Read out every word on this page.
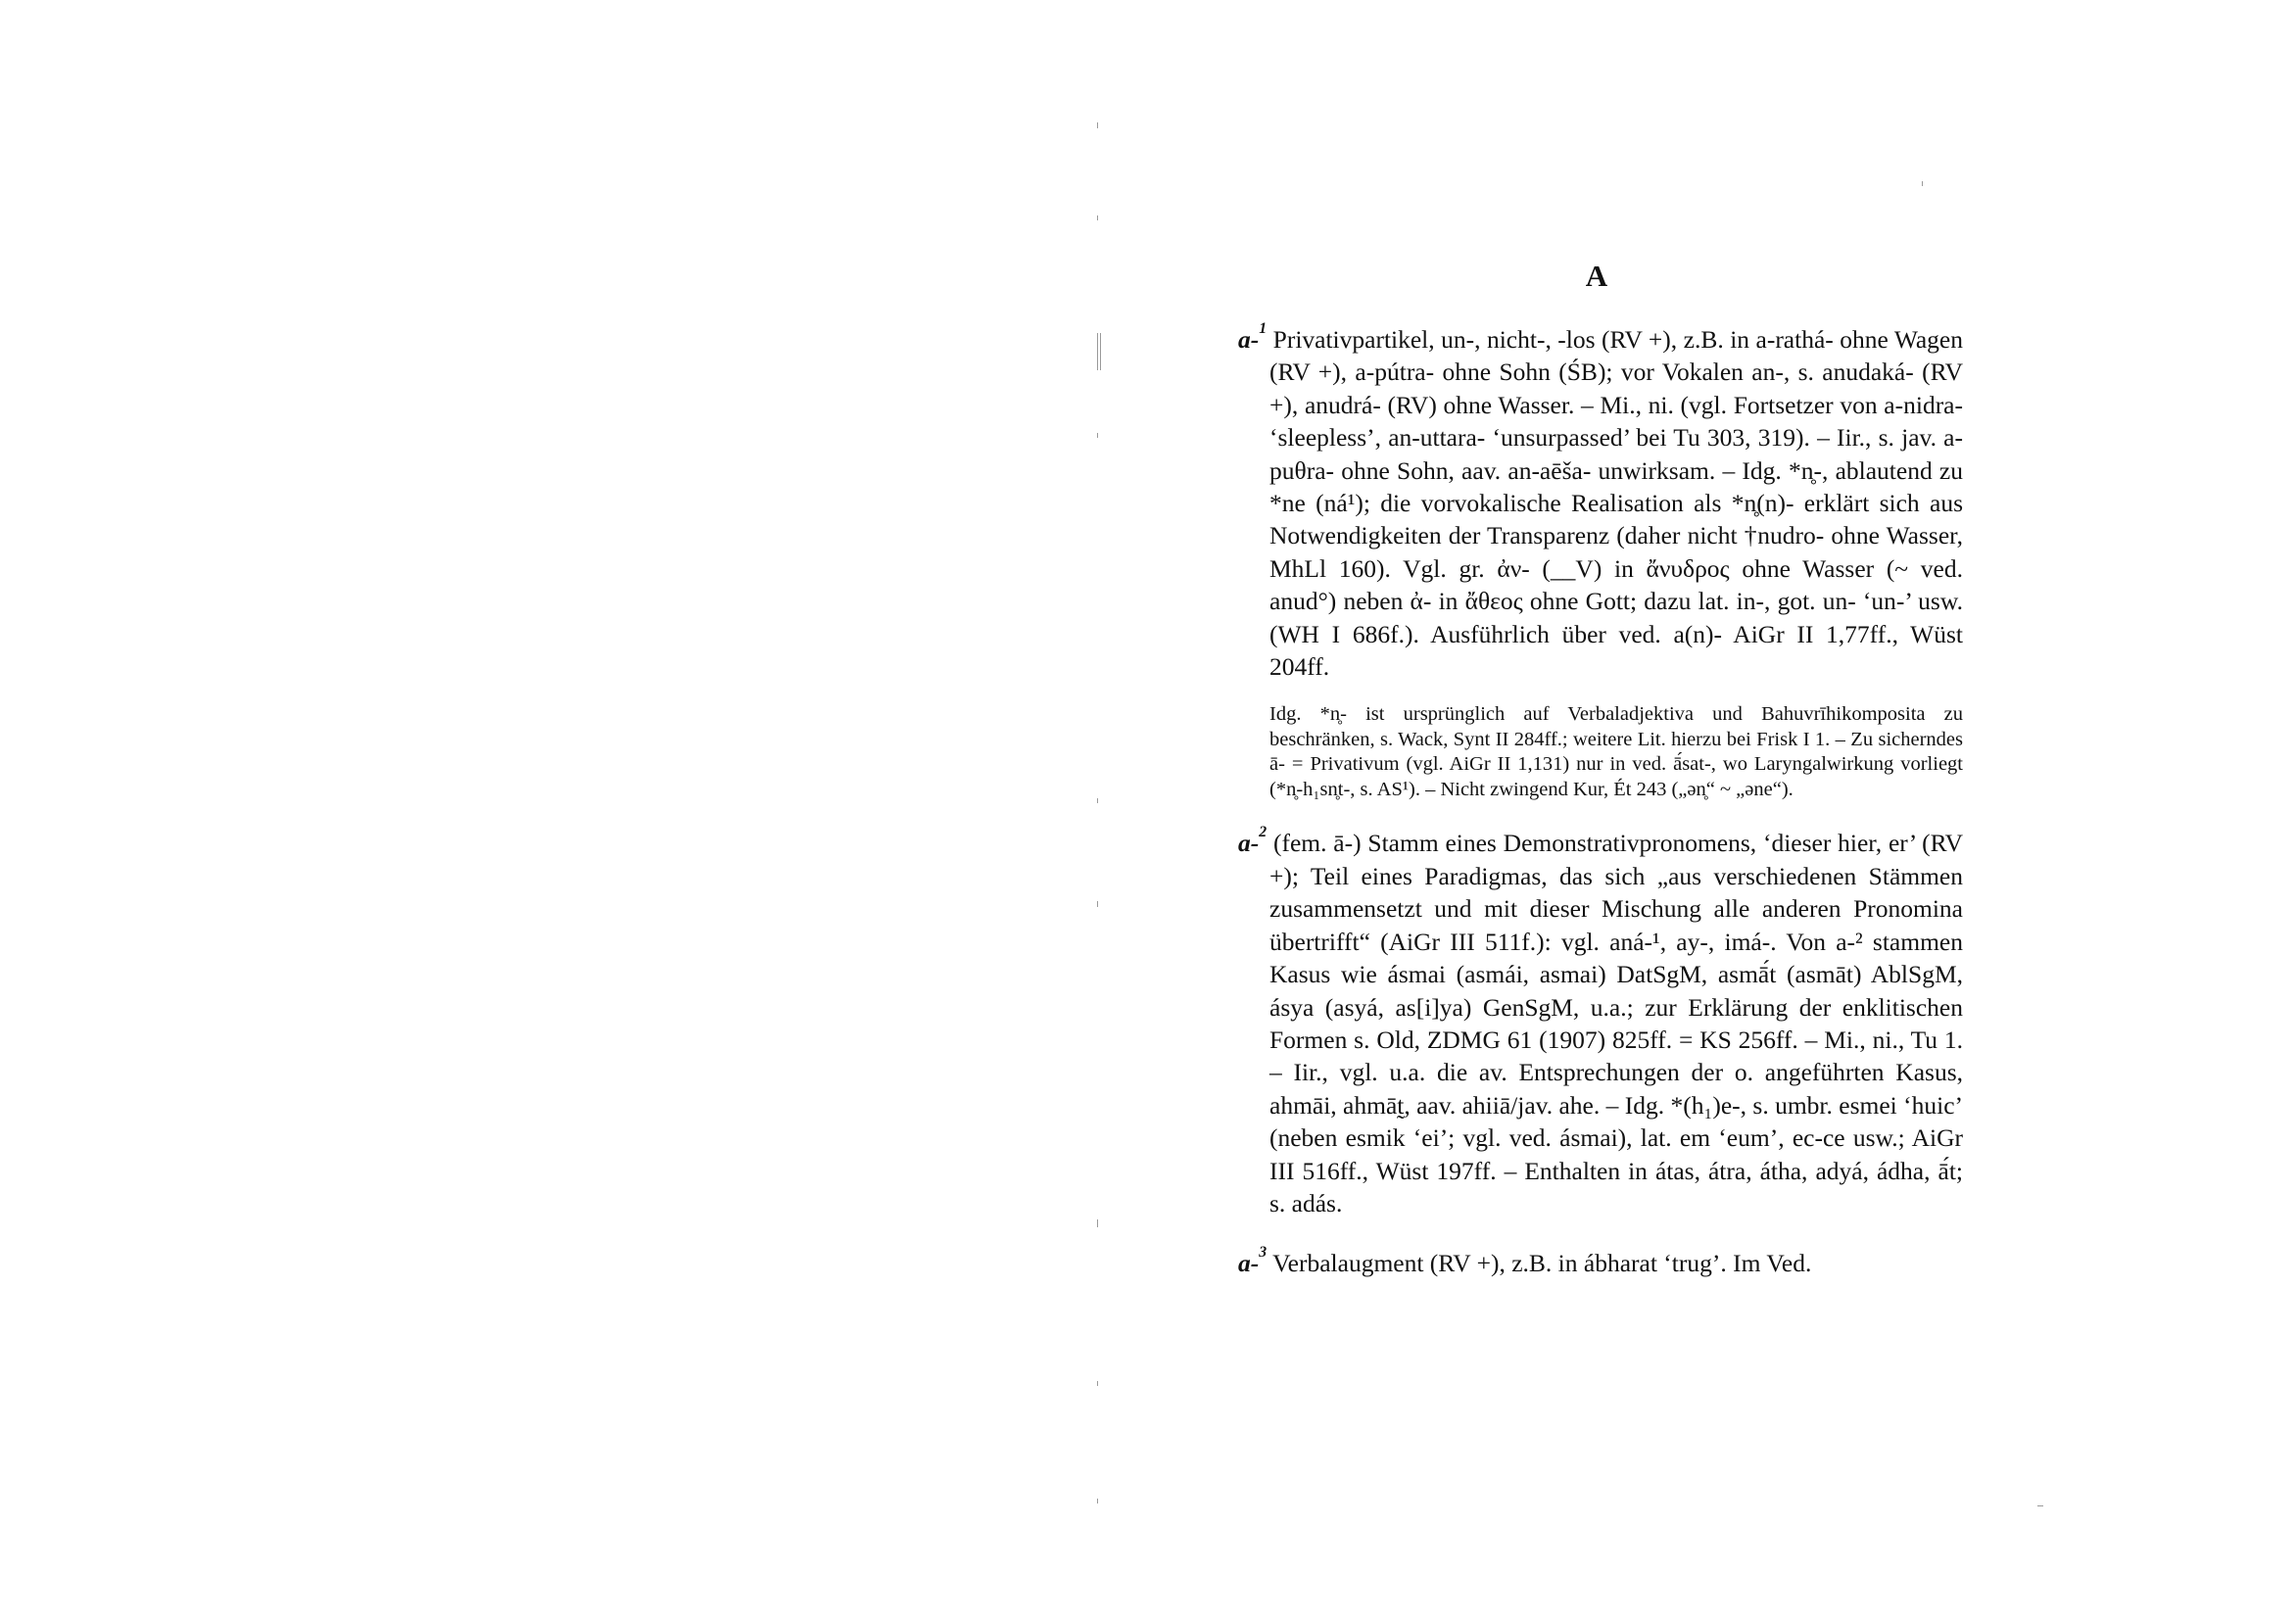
A

a-$^1$ Privativpartikel, un-, nicht-, -los (RV +), z.B. in a-rathá- ohne Wagen (RV +), a-pútra- ohne Sohn (ŚB); vor Vokalen an-, s. anudaká- (RV +), anudrá- (RV) ohne Wasser. – Mi., ni. (vgl. Fortsetzer von a-nidra- ‘sleepless’, an-uttara- ‘unsurpassed’ bei Tu 303, 319). – Iir., s. jav. a-puθra- ohne Sohn, aav. an-aēša- unwirksam. – Idg. *n̥-, ablautend zu *ne (ná¹); die vorvokalische Realisation als *n̥(n)- erklärt sich aus Notwendigkeiten der Transparenz (daher nicht †nudro- ohne Wasser, MhLl 160). Vgl. gr. ἀν- (__V) in ἄνυδρος ohne Wasser (~ ved. anud°) neben ἀ- in ἄθεος ohne Gott; dazu lat. in-, got. un- ‘un-’ usw. (WH I 686f.). Ausführlich über ved. a(n)- AiGr II 1,77ff., Wüst 204ff.

Idg. *n̥- ist ursprünglich auf Verbaladjektiva und Bahuvrīhikomposita zu beschränken, s. Wack, Synt II 284ff.; weitere Lit. hierzu bei Frisk I 1. – Zu sicherndes ā- = Privativum (vgl. AiGr II 1,131) nur in ved. ā́sat-, wo Laryngalwirkung vorliegt (*n̥-h₁sn̥t-, s. AS¹). – Nicht zwingend Kur, Ét 243 („ən̥“ ~ „əne“).

a-$^2$ (fem. ā-) Stamm eines Demonstrativpronomens, ‘dieser hier, er’ (RV +); Teil eines Paradigmas, das sich „aus verschiedenen Stämmen zusammensetzt und mit dieser Mischung alle anderen Pronomina übertrifft“ (AiGr III 511f.): vgl. aná-¹, ay-, imá-. Von a-² stammen Kasus wie ásmai (asmái, asmai) DatSgM, asmā́t (asmāt) AblSgM, ásya (asyá, as[i]ya) GenSgM, u.a.; zur Erklärung der enklitischen Formen s. Old, ZDMG 61 (1907) 825ff. = KS 256ff. – Mi., ni., Tu 1. – Iir., vgl. u.a. die av. Entsprechungen der o. angeführten Kasus, ahmāi, ahmāt̰, aav. ahiiā/jav. ahe. – Idg. *(h₁)e-, s. umbr. esmei ‘huic’ (neben esmik ‘ei’; vgl. ved. ásmai), lat. em ‘eum’, ec-ce usw.; AiGr III 516ff., Wüst 197ff. – Enthalten in átas, átra, átha, adyá, ádha, ā́t; s. adás.

a-$^3$ Verbalaugment (RV +), z.B. in ábharat ‘trug’. Im Ved.
